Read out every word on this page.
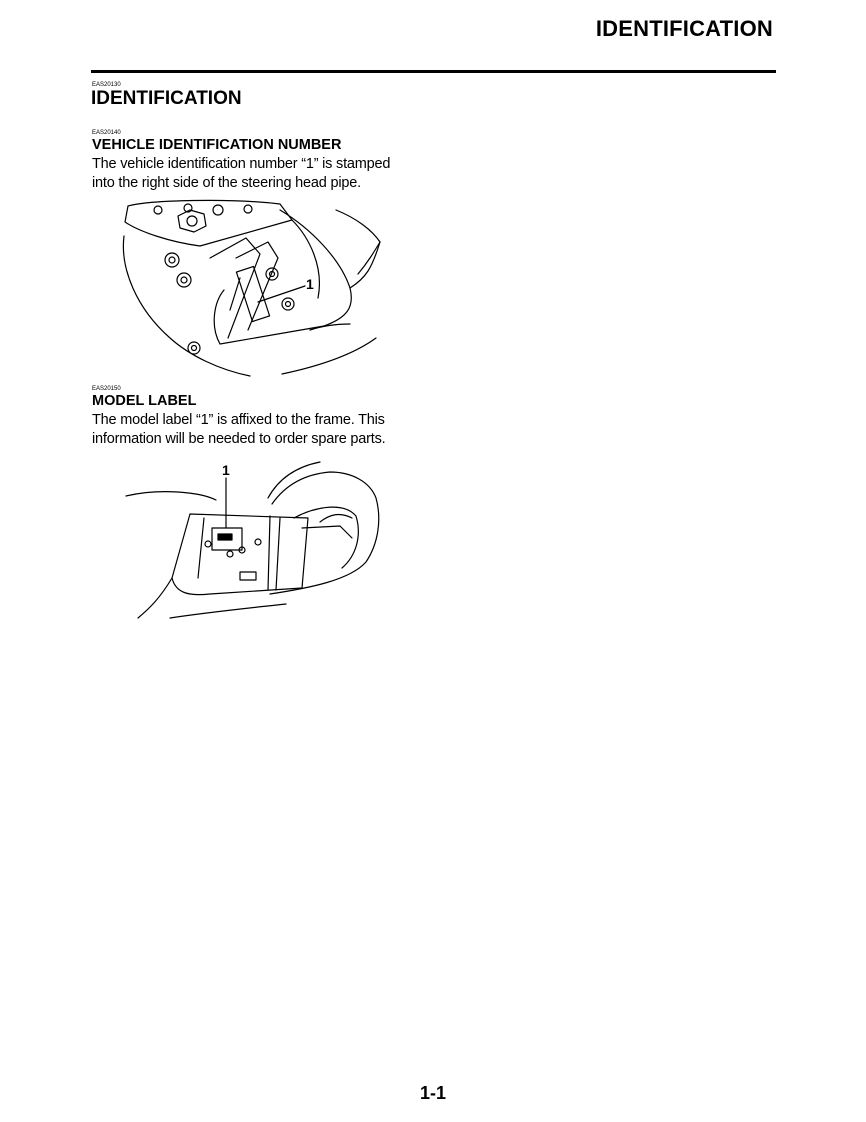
IDENTIFICATION
EAS20130
IDENTIFICATION
EAS20140
VEHICLE IDENTIFICATION NUMBER
The vehicle identification number “1” is stamped
into the right side of the steering head pipe.
1
EAS20150
MODEL LABEL
The model label “1” is affixed to the frame. This
information will be needed to order spare parts.
1
1-1
